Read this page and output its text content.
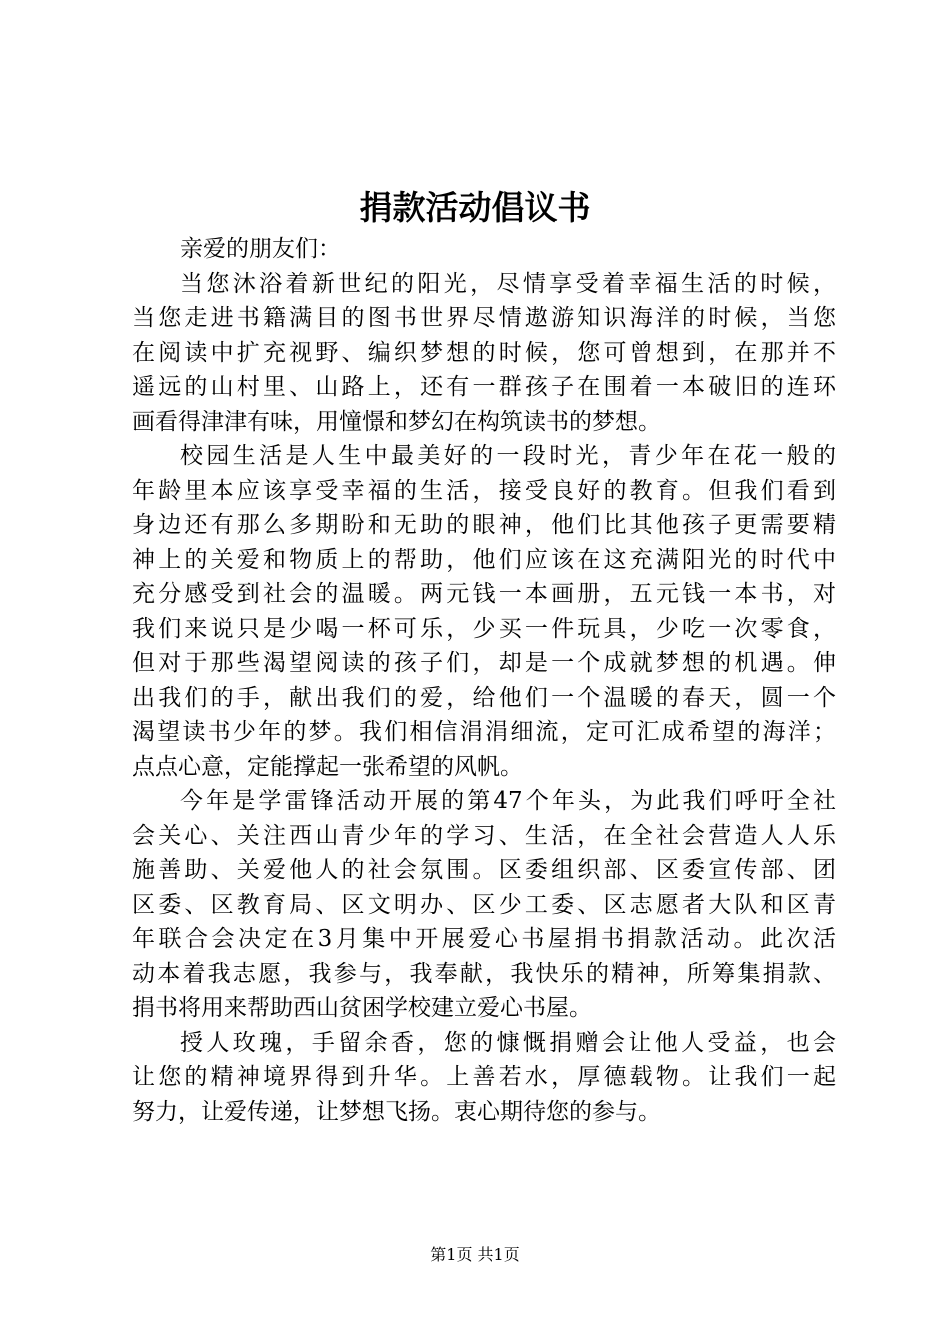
捐款活动倡议书
亲爱的朋友们：
当您沐浴着新世纪的阳光，尽情享受着幸福生活的时候，
当您走进书籍满目的图书世界尽情遨游知识海洋的时候，当您
在阅读中扩充视野、编织梦想的时候，您可曾想到，在那并不
遥远的山村里、山路上，还有一群孩子在围着一本破旧的连环
画看得津津有味，用憧憬和梦幻在构筑读书的梦想。
校园生活是人生中最美好的一段时光，青少年在花一般的
年龄里本应该享受幸福的生活，接受良好的教育。但我们看到
身边还有那么多期盼和无助的眼神，他们比其他孩子更需要精
神上的关爱和物质上的帮助，他们应该在这充满阳光的时代中
充分感受到社会的温暖。两元钱一本画册，五元钱一本书，对
我们来说只是少喝一杯可乐，少买一件玩具，少吃一次零食，
但对于那些渴望阅读的孩子们，却是一个成就梦想的机遇。伸
出我们的手，献出我们的爱，给他们一个温暖的春天，圆一个
渴望读书少年的梦。我们相信涓涓细流，定可汇成希望的海洋；
点点心意，定能撑起一张希望的风帆。
今年是学雷锋活动开展的第47个年头，为此我们呼吁全社
会关心、关注西山青少年的学习、生活，在全社会营造人人乐
施善助、关爱他人的社会氛围。区委组织部、区委宣传部、团
区委、区教育局、区文明办、区少工委、区志愿者大队和区青
年联合会决定在3月集中开展爱心书屋捐书捐款活动。此次活
动本着我志愿，我参与，我奉献，我快乐的精神，所筹集捐款、
捐书将用来帮助西山贫困学校建立爱心书屋。
授人玫瑰，手留余香，您的慷慨捐赠会让他人受益，也会
让您的精神境界得到升华。上善若水，厚德载物。让我们一起
努力，让爱传递，让梦想飞扬。衷心期待您的参与。
第1页 共1页
